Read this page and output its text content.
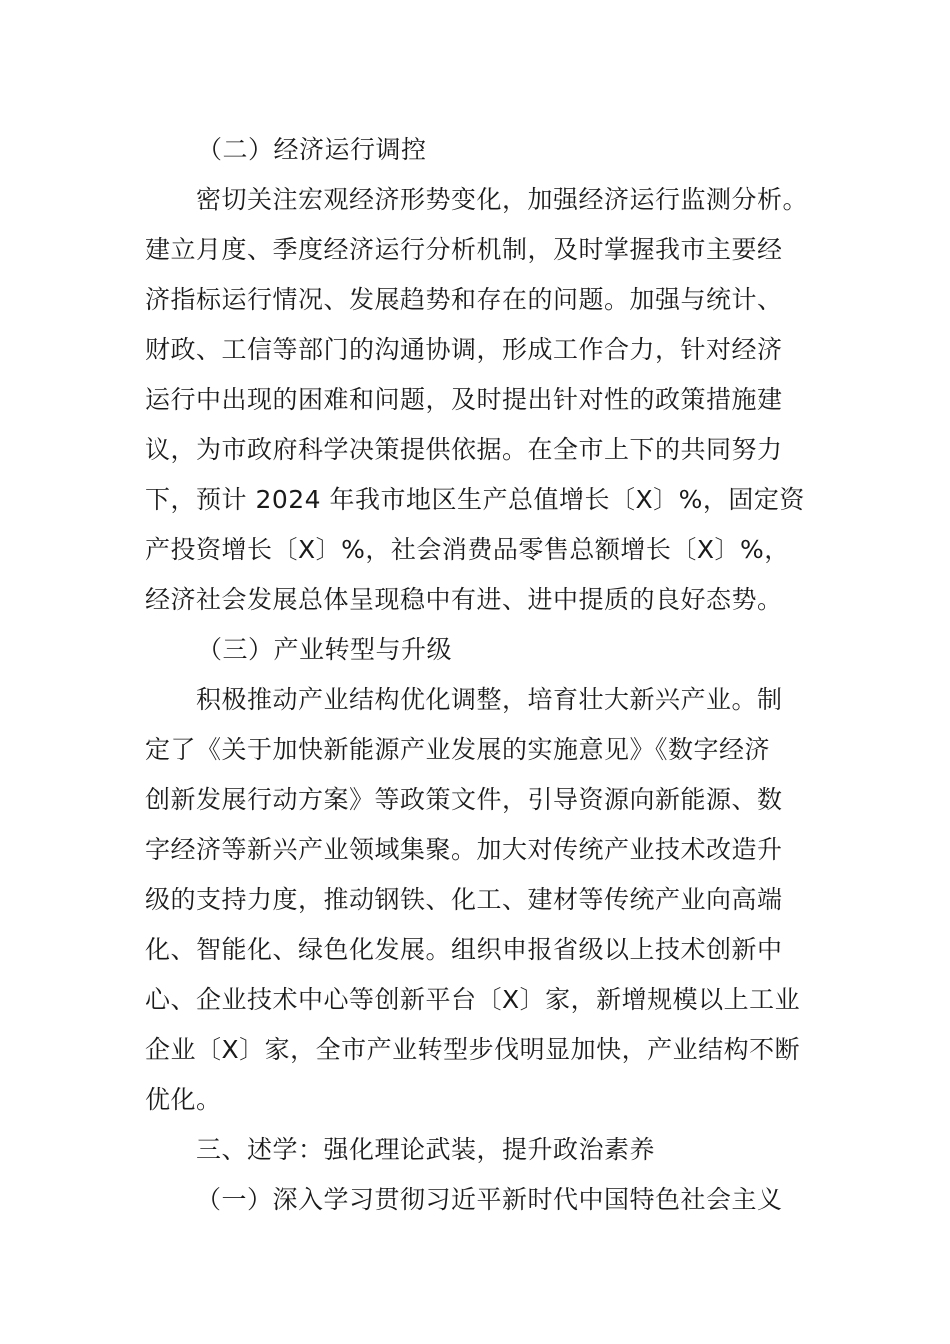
（二）经济运行调控
密切关注宏观经济形势变化，加强经济运行监测分析。
建立月度、季度经济运行分析机制，及时掌握我市主要经
济指标运行情况、发展趋势和存在的问题。加强与统计、
财政、工信等部门的沟通协调，形成工作合力，针对经济
运行中出现的困难和问题，及时提出针对性的政策措施建
议，为市政府科学决策提供依据。在全市上下的共同努力
下，预计 2024 年我市地区生产总值增长〔X〕%，固定资
产投资增长〔X〕%，社会消费品零售总额增长〔X〕%，
经济社会发展总体呈现稳中有进、进中提质的良好态势。
（三）产业转型与升级
积极推动产业结构优化调整，培育壮大新兴产业。制
定了《关于加快新能源产业发展的实施意见》《数字经济
创新发展行动方案》等政策文件，引导资源向新能源、数
字经济等新兴产业领域集聚。加大对传统产业技术改造升
级的支持力度，推动钢铁、化工、建材等传统产业向高端
化、智能化、绿色化发展。组织申报省级以上技术创新中
心、企业技术中心等创新平台〔X〕家，新增规模以上工业
企业〔X〕家，全市产业转型步伐明显加快，产业结构不断
优化。
三、述学：强化理论武装，提升政治素养
（一）深入学习贯彻习近平新时代中国特色社会主义
